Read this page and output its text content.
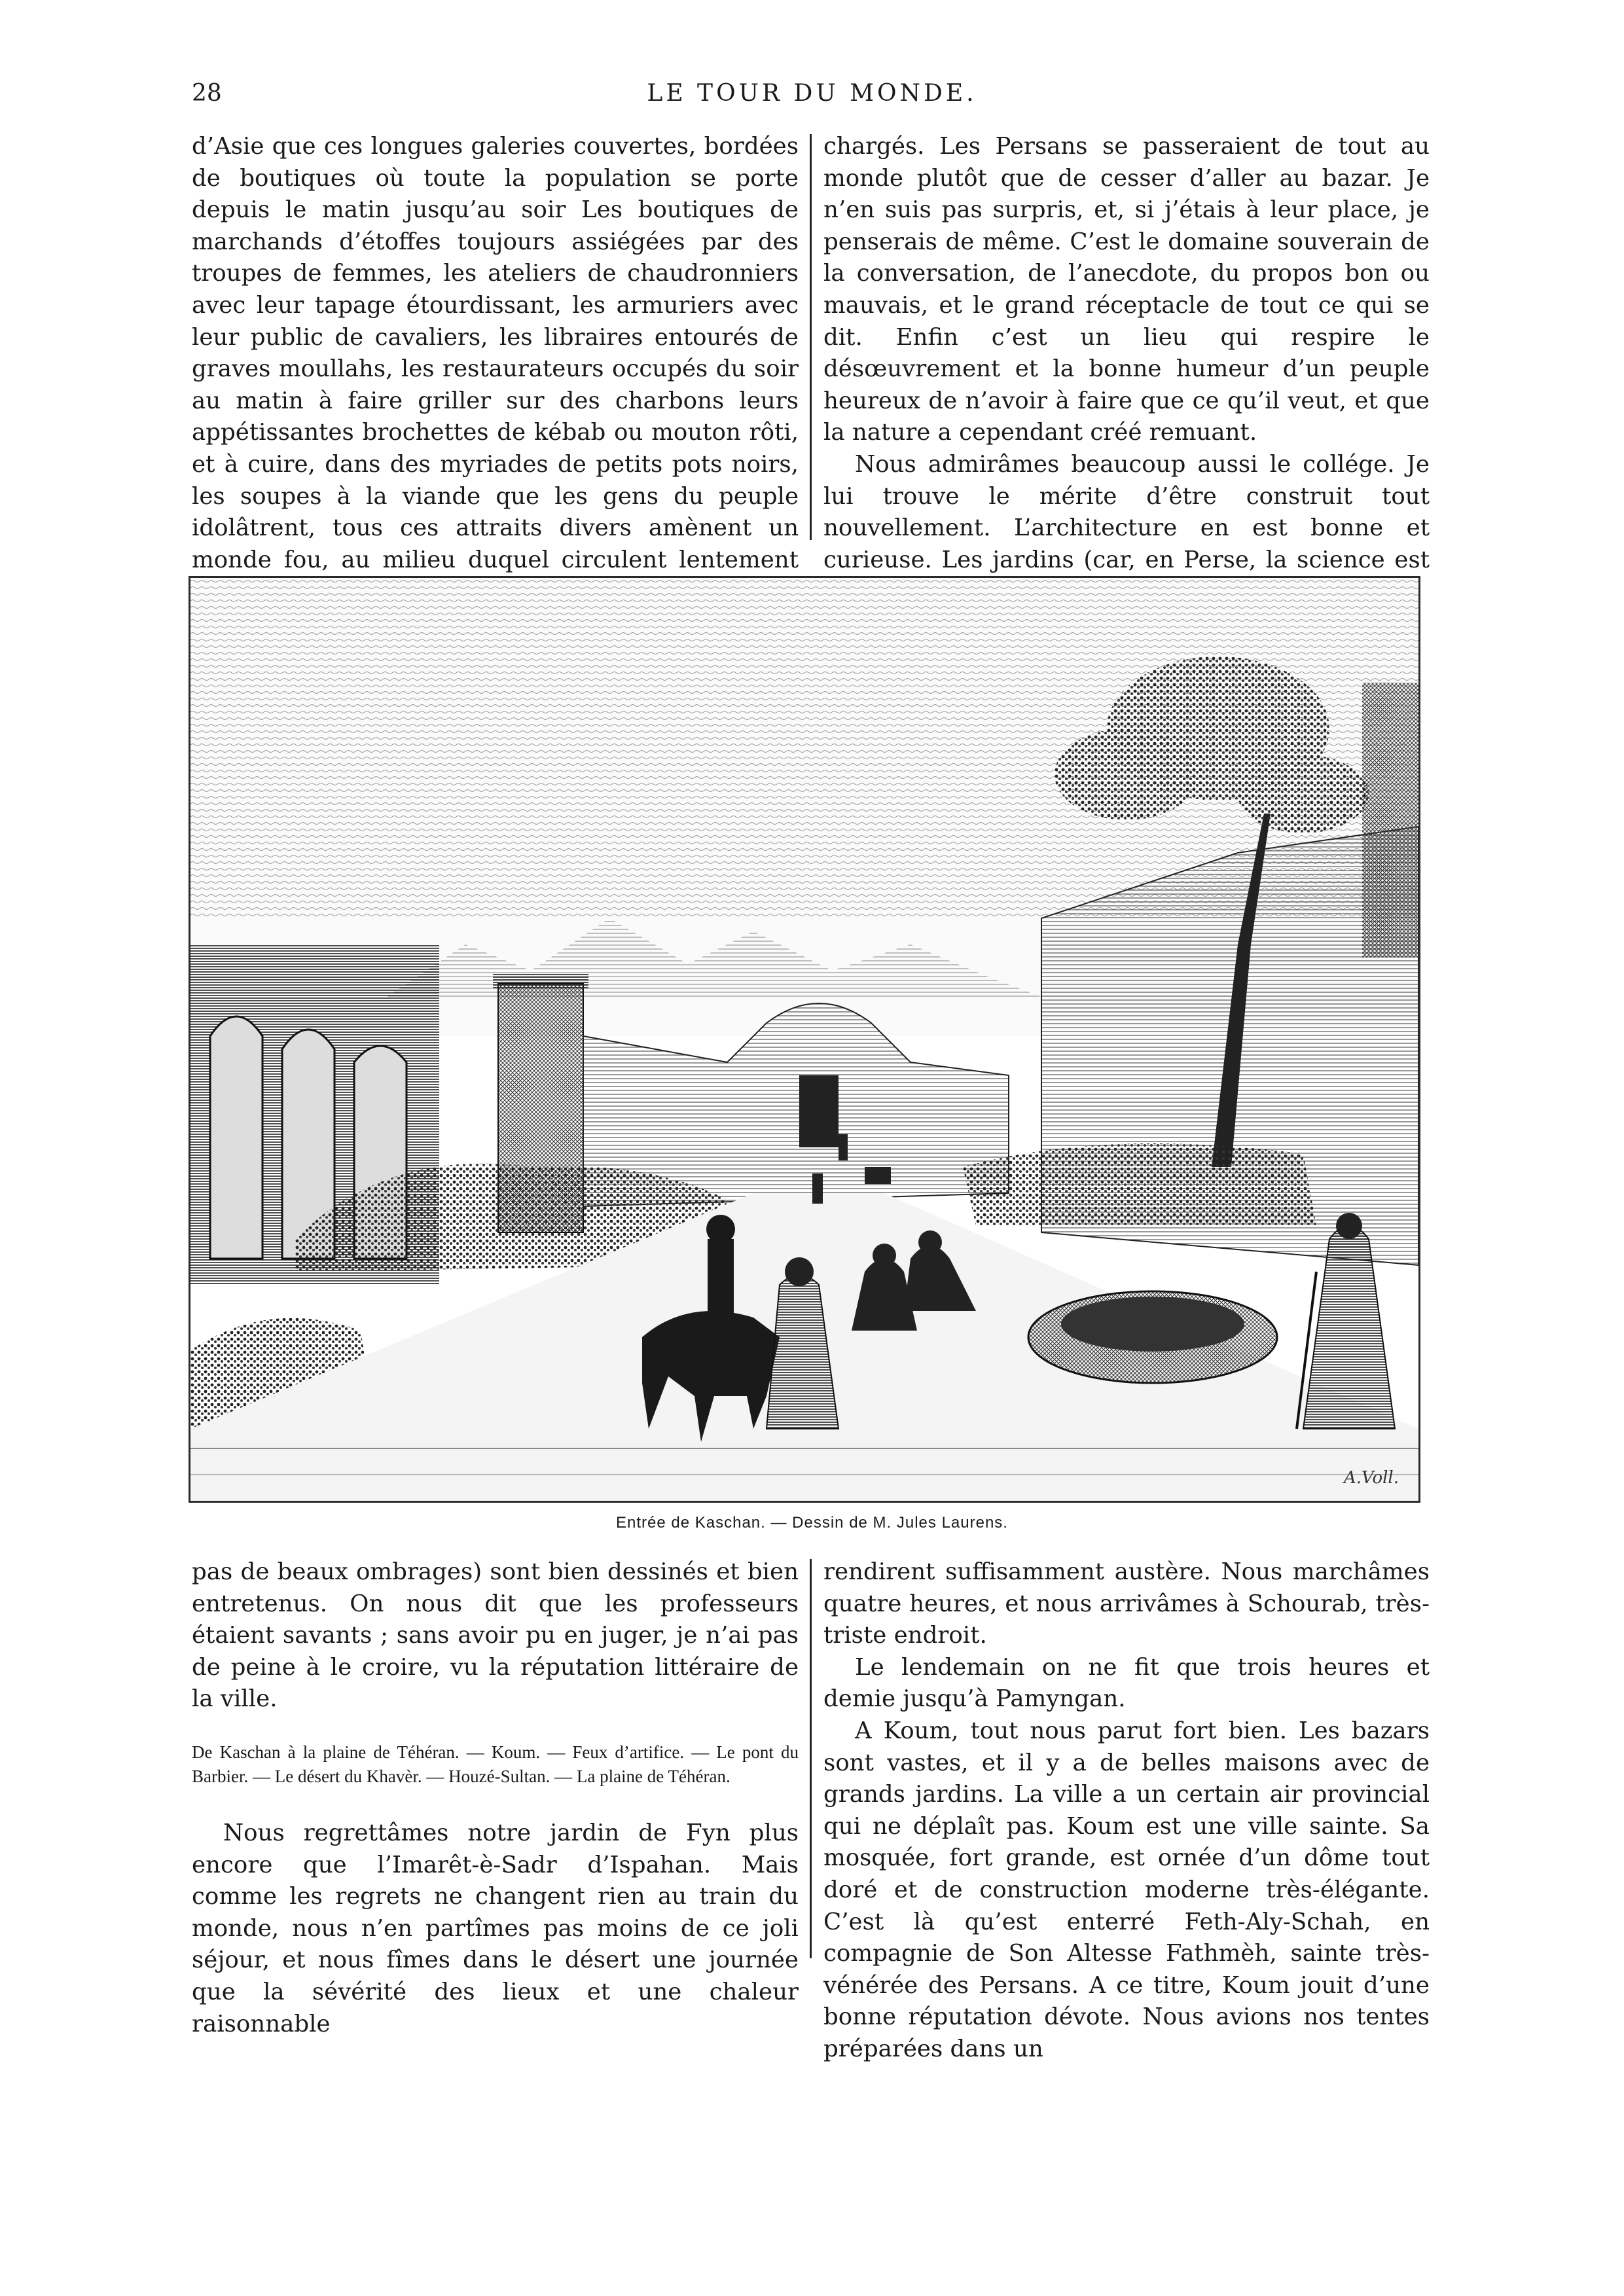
28	LE TOUR DU MONDE.

d’Asie que ces longues galeries couvertes, bordées de boutiques où toute la population se porte depuis le matin jusqu’au soir Les boutiques de marchands d’étoffes toujours assiégées par des troupes de femmes, les ateliers de chaudronniers avec leur tapage étourdissant, les armuriers avec leur public de cavaliers, les libraires entourés de graves moullahs, les restaurateurs occupés du soir au matin à faire griller sur des charbons leurs appétissantes brochettes de kébab ou mouton rôti, et à cuire, dans des myriades de petits pots noirs, les soupes à la viande que les gens du peuple idolâtrent, tous ces attraits divers amènent un monde fou, au milieu duquel circulent lentement

chargés. Les Persans se passeraient de tout au monde plutôt que de cesser d’aller au bazar. Je n’en suis pas surpris, et, si j’étais à leur place, je penserais de même. C’est le domaine souverain de la conversation, de l’anecdote, du propos bon ou mauvais, et le grand réceptacle de tout ce qui se dit. Enfin c’est un lieu qui respire le désœuvrement et la bonne humeur d’un peuple heureux de n’avoir à faire que ce qu’il veut, et que la nature a cependant créé remuant.

Nous admirâmes beaucoup aussi le collége. Je lui trouve le mérite d’être construit tout nouvellement. L’architecture en est bonne et curieuse. Les jardins (car, en Perse, la science est

A.Voll.
Entrée de Kaschan. — Dessin de M. Jules Laurens.

pas de beaux ombrages) sont bien dessinés et bien entretenus. On nous dit que les professeurs étaient savants ; sans avoir pu en juger, je n’ai pas de peine à le croire, vu la réputation littéraire de la ville.

De Kaschan à la plaine de Téhéran. — Koum. — Feux d’artifice. — Le pont du Barbier. — Le désert du Khavèr. — Houzé-Sultan. — La plaine de Téhéran.

Nous regrettâmes notre jardin de Fyn plus encore que l’Imarêt-è-Sadr d’Ispahan. Mais comme les regrets ne changent rien au train du monde, nous n’en partîmes pas moins de ce joli séjour, et nous fîmes dans le désert une journée que la sévérité des lieux et une chaleur raisonnable

rendirent suffisamment austère. Nous marchâmes quatre heures, et nous arrivâmes à Schourab, très-triste endroit.

Le lendemain on ne fit que trois heures et demie jusqu’à Pamyngan.

A Koum, tout nous parut fort bien. Les bazars sont vastes, et il y a de belles maisons avec de grands jardins. La ville a un certain air provincial qui ne déplaît pas. Koum est une ville sainte. Sa mosquée, fort grande, est ornée d’un dôme tout doré et de construction moderne très-élégante. C’est là qu’est enterré Feth-Aly-Schah, en compagnie de Son Altesse Fathmèh, sainte très-vénérée des Persans. A ce titre, Koum jouit d’une bonne réputation dévote. Nous avions nos tentes préparées dans un
